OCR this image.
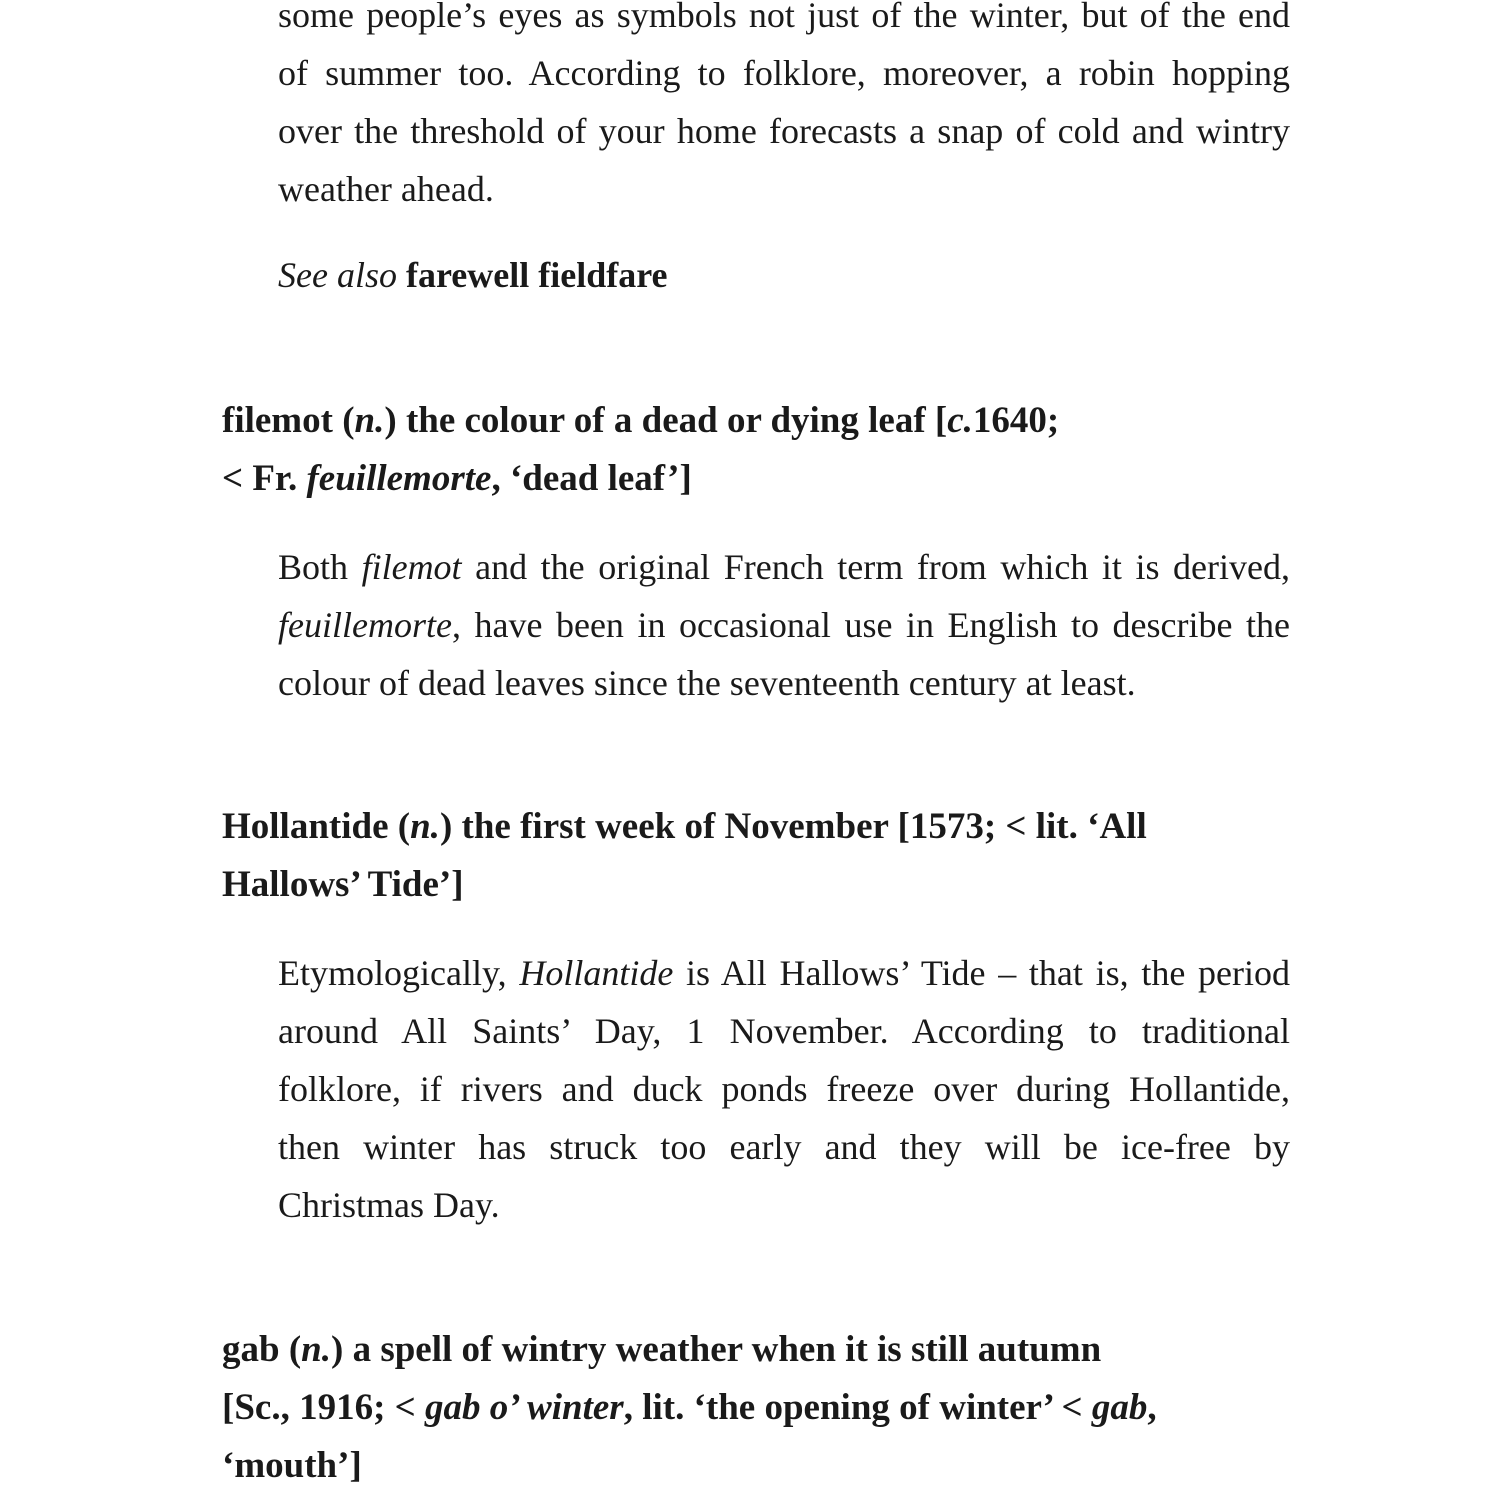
some people’s eyes as symbols not just of the winter, but of the end
of summer too. According to folklore, moreover, a robin hopping
over the threshold of your home forecasts a snap of cold and wintry
weather ahead.
See also farewell fieldfare
filemot (n.) the colour of a dead or dying leaf [c.1640;
< Fr. feuillemorte, ‘dead leaf’]
Both filemot and the original French term from which it is derived,
feuillemorte, have been in occasional use in English to describe the
colour of dead leaves since the seventeenth century at least.
Hollantide (n.) the first week of November [1573; < lit. ‘All
Hallows’ Tide’]
Etymologically, Hollantide is All Hallows’ Tide – that is, the period
around All Saints’ Day, 1 November. According to traditional
folklore, if rivers and duck ponds freeze over during Hollantide,
then winter has struck too early and they will be ice-free by
Christmas Day.
gab (n.) a spell of wintry weather when it is still autumn
[Sc., 1916; < gab o’ winter, lit. ‘the opening of winter’ < gab,
‘mouth’]
